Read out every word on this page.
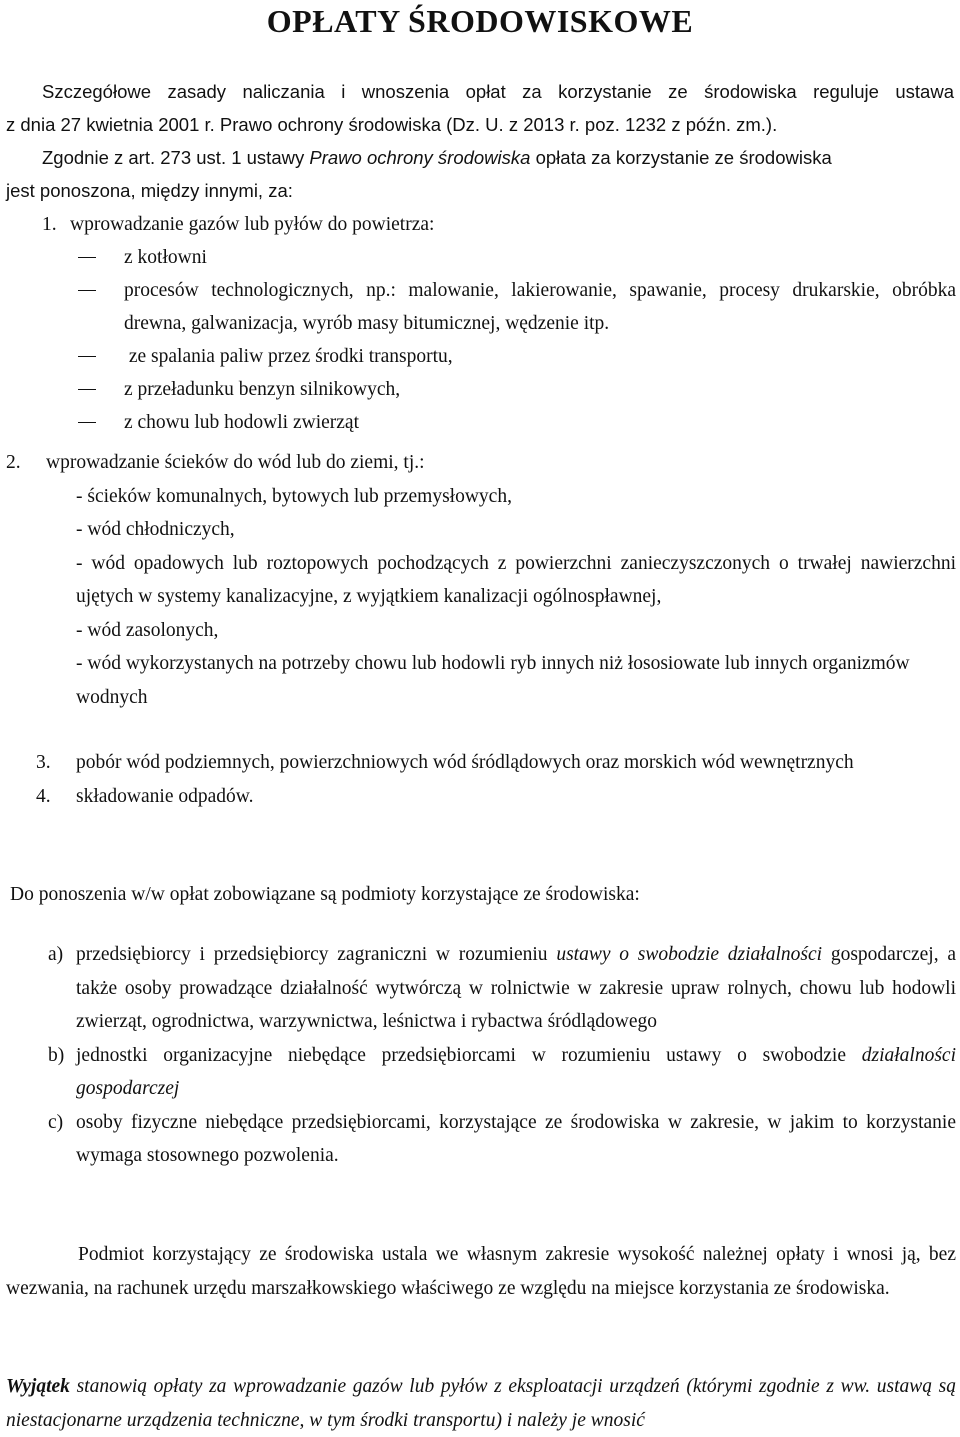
OPŁATY ŚRODOWISKOWE
Szczegółowe zasady naliczania i wnoszenia opłat za korzystanie ze środowiska reguluje ustawa
z dnia 27 kwietnia 2001 r. Prawo ochrony środowiska (Dz. U. z 2013 r. poz. 1232 z późn. zm.).
Zgodnie z art. 273 ust. 1 ustawy Prawo ochrony środowiska opłata za korzystanie ze środowiska
jest ponoszona, między innymi, za:
1. wprowadzanie gazów lub pyłów do powietrza:
z kotłowni
procesów technologicznych, np.: malowanie, lakierowanie, spawanie, procesy drukarskie, obróbka drewna, galwanizacja, wyrób masy bitumicznej, wędzenie itp.
ze spalania paliw przez środki transportu,
z przeładunku benzyn silnikowych,
z chowu lub hodowli zwierząt
2. wprowadzanie ścieków do wód lub do ziemi, tj.:
- ścieków komunalnych, bytowych lub przemysłowych,
- wód chłodniczych,
- wód opadowych lub roztopowych pochodzących z powierzchni zanieczyszczonych o trwałej nawierzchni ujętych w systemy kanalizacyjne, z wyjątkiem kanalizacji ogólnospławnej,
- wód zasolonych,
- wód wykorzystanych na potrzeby chowu lub hodowli ryb innych niż łososiowate lub innych organizmów wodnych
3.	pobór wód podziemnych, powierzchniowych wód śródlądowych oraz morskich wód wewnętrznych
4.	składowanie odpadów.
Do ponoszenia w/w opłat zobowiązane są podmioty korzystające ze środowiska:
a) przedsiębiorcy i przedsiębiorcy zagraniczni w rozumieniu ustawy o swobodzie działalności gospodarczej, a także osoby prowadzące działalność wytwórczą w rolnictwie w zakresie upraw rolnych, chowu lub hodowli zwierząt, ogrodnictwa, warzywnictwa, leśnictwa i rybactwa śródlądowego
b) jednostki organizacyjne niebędące przedsiębiorcami w rozumieniu ustawy o swobodzie działalności gospodarczej
c) osoby fizyczne niebędące przedsiębiorcami, korzystające ze środowiska w zakresie, w jakim to korzystanie wymaga stosownego pozwolenia.
Podmiot korzystający ze środowiska ustala we własnym zakresie wysokość należnej opłaty i wnosi ją, bez wezwania, na rachunek urzędu marszałkowskiego właściwego ze względu na miejsce korzystania ze środowiska.
Wyjątek stanowią opłaty za wprowadzanie gazów lub pyłów z eksploatacji urządzeń (którymi zgodnie z ww. ustawą są niestacjonarne urządzenia techniczne, w tym środki transportu) i należy je wnosić
